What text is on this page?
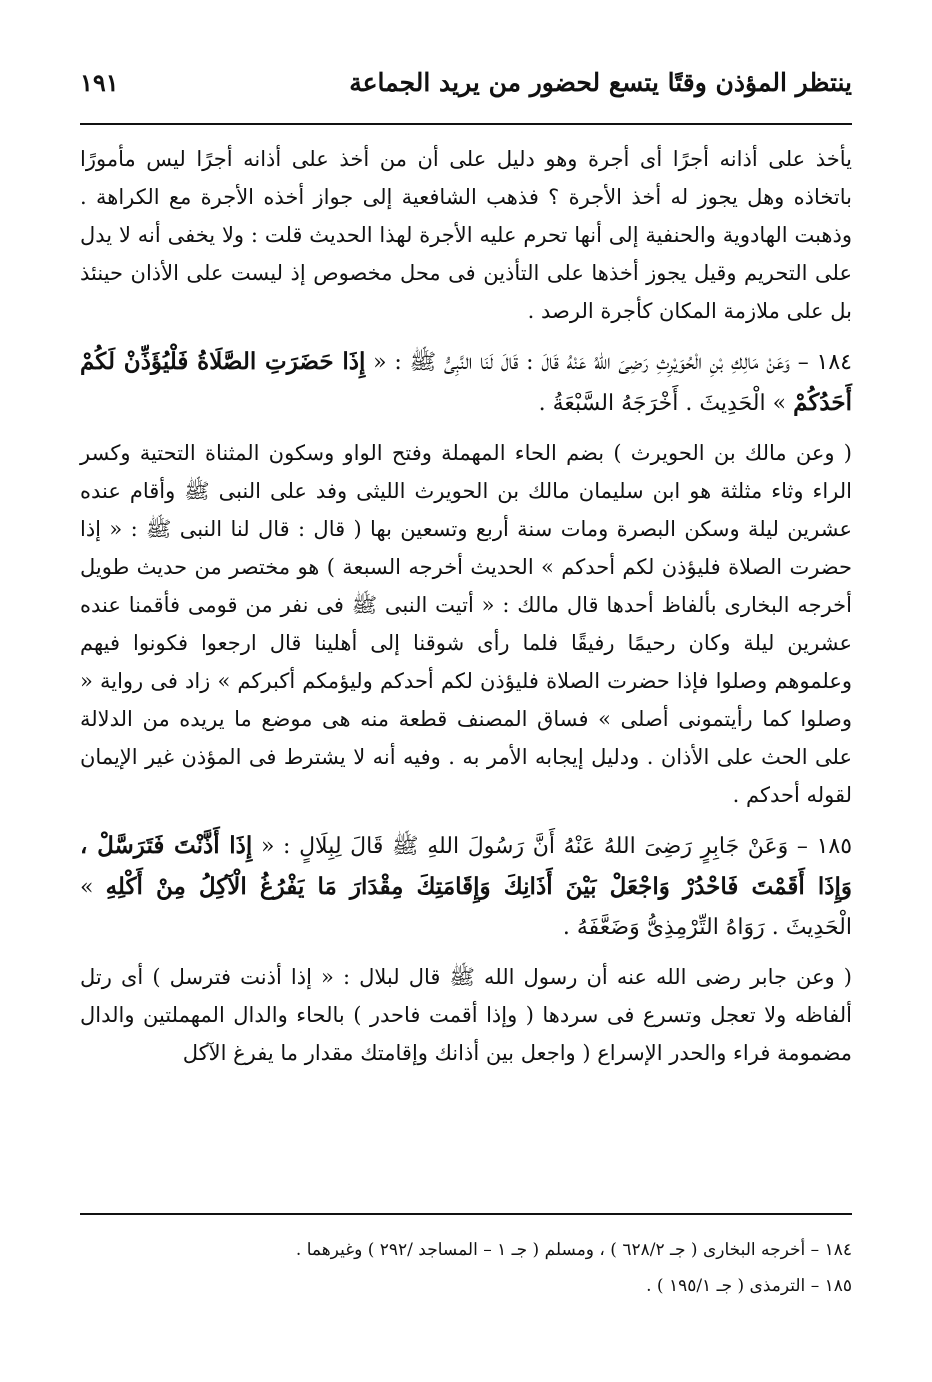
ينتظر المؤذن وقتًا يتسع لحضور من يريد الجماعة
١٩١

يأخذ على أذانه أجرًا أى أجرة وهو دليل على أن من أخذ على أذانه أجرًا ليس مأمورًا باتخاذه وهل يجوز له أخذ الأجرة ؟ فذهب الشافعية إلى جواز أخذه الأجرة مع الكراهة . وذهبت الهادوية والحنفية إلى أنها تحرم عليه الأجرة لهذا الحديث قلت : ولا يخفى أنه لا يدل على التحريم وقيل يجوز أخذها على التأذين فى محل مخصوص إذ ليست على الأذان حينئذ بل على ملازمة المكان كأجرة الرصد .

١٨٤ – وَعَنْ مَالِكِ بْنِ الْحُوَيْرِثِ رَضِىَ اللهُ عَنْهُ قَالَ : قَالَ لَنَا النَّبِىُّ ﷺ : « إِذَا حَضَرَتِ الصَّلَاةُ فَلْيُؤَذِّنْ لَكُمْ أَحَدُكُمْ » الْحَدِيثَ . أَخْرَجَهُ السَّبْعَةُ .

( وعن مالك بن الحويرث ) بضم الحاء المهملة وفتح الواو وسكون المثناة التحتية وكسر الراء وثاء مثلثة هو ابن سليمان مالك بن الحويرث الليثى وفد على النبى ﷺ وأقام عنده عشرين ليلة وسكن البصرة ومات سنة أربع وتسعين بها ( قال : قال لنا النبى ﷺ : « إذا حضرت الصلاة فليؤذن لكم أحدكم » الحديث أخرجه السبعة ) هو مختصر من حديث طويل أخرجه البخارى بألفاظ أحدها قال مالك : « أتيت النبى ﷺ فى نفر من قومى فأقمنا عنده عشرين ليلة وكان رحيمًا رفيقًا فلما رأى شوقنا إلى أهلينا قال ارجعوا فكونوا فيهم وعلموهم وصلوا فإذا حضرت الصلاة فليؤذن لكم أحدكم وليؤمكم أكبركم » زاد فى رواية « وصلوا كما رأيتمونى أصلى » فساق المصنف قطعة منه هى موضع ما يريده من الدلالة على الحث على الأذان . ودليل إيجابه الأمر به . وفيه أنه لا يشترط فى المؤذن غير الإيمان لقوله أحدكم .

١٨٥ – وَعَنْ جَابِرٍ رَضِىَ اللهُ عَنْهُ أَنَّ رَسُولَ اللهِ ﷺ قَالَ لِبِلَالٍ : « إِذَا أَذَّنْتَ فَتَرَسَّلْ ، وَإِذَا أَقَمْتَ فَاحْدُرْ وَاجْعَلْ بَيْنَ أَذَانِكَ وَإِقَامَتِكَ مِقْدَارَ مَا يَفْرُغُ الْآكِلُ مِنْ أَكْلِهِ » الْحَدِيثَ . رَوَاهُ التِّرْمِذِىُّ وَضَعَّفَهُ .

( وعن جابر رضى الله عنه أن رسول الله ﷺ قال لبلال : « إذا أذنت فترسل ) أى رتل ألفاظه ولا تعجل وتسرع فى سردها ( وإذا أقمت فاحدر ) بالحاء والدال المهملتين والدال مضمومة فراء والحدر الإسراع ( واجعل بين أذانك وإقامتك مقدار ما يفرغ الآكل

١٨٤ – أخرجه البخارى ( جـ ٦٢٨/٢ ) ، ومسلم ( جـ ١ – المساجد /٢٩٢ ) وغيرهما .

١٨٥ – الترمذى ( جـ ١٩٥/١ ) .
